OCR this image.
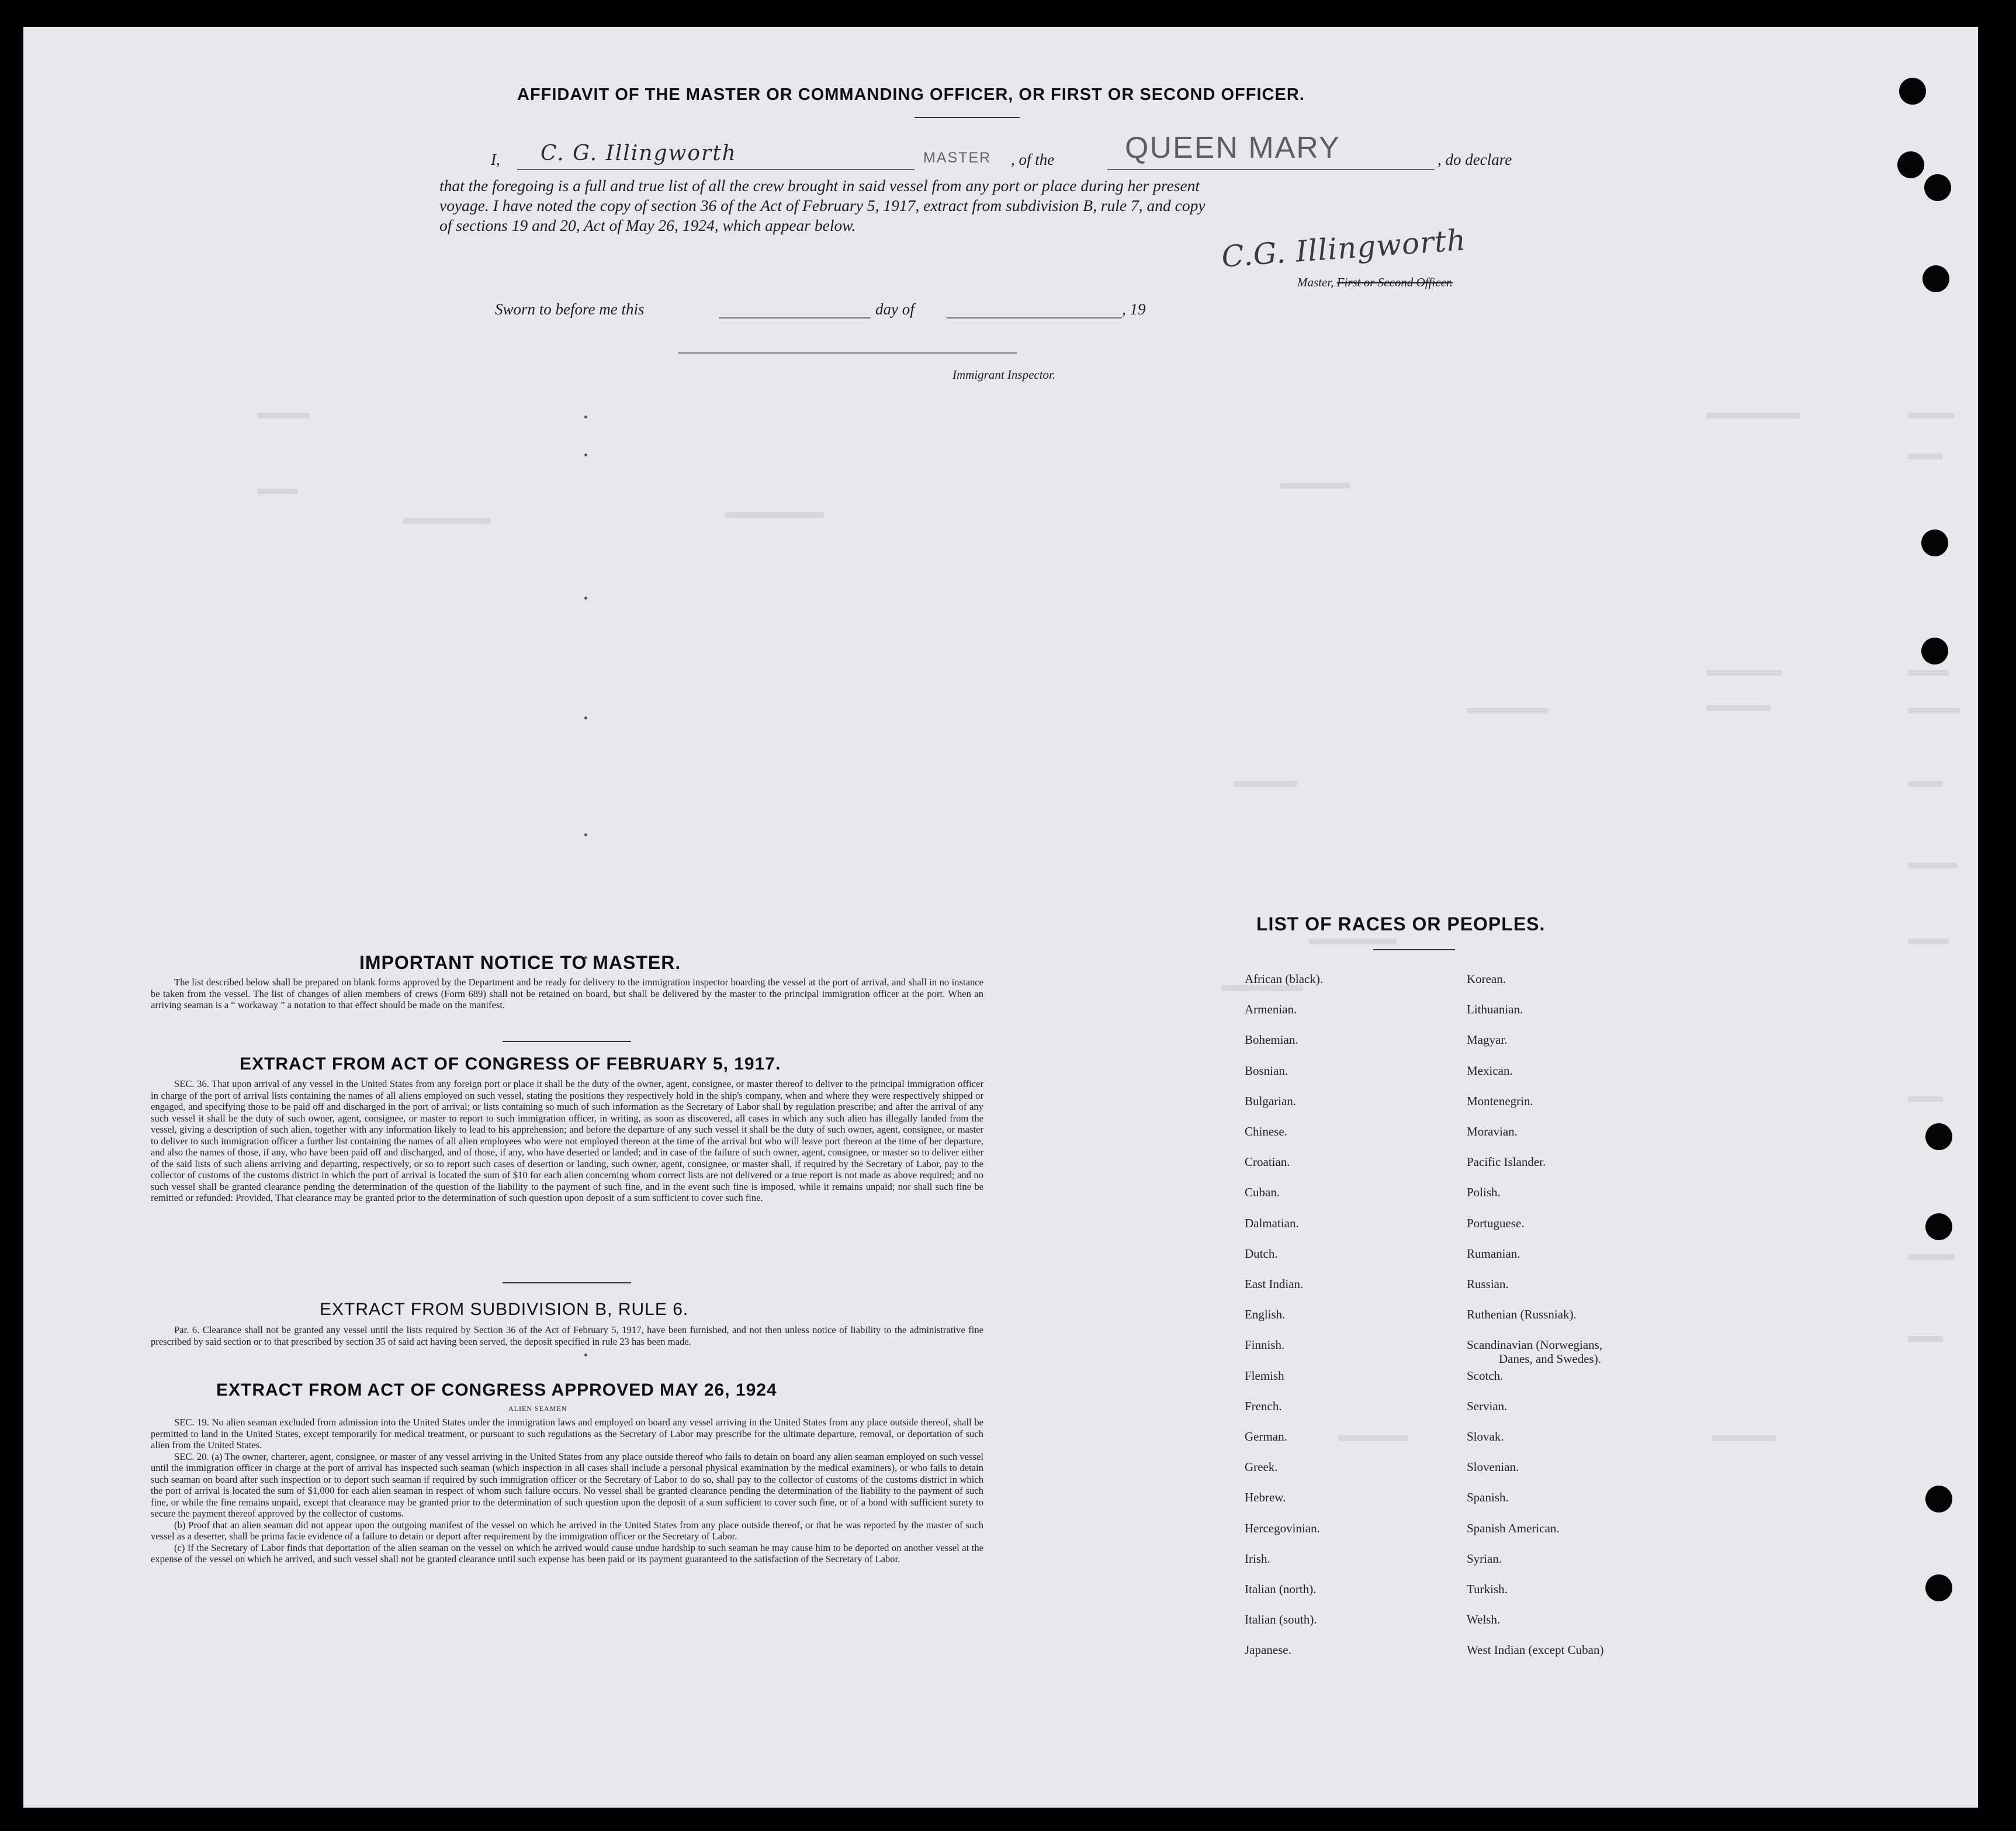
AFFIDAVIT OF THE MASTER OR COMMANDING OFFICER, OR FIRST OR SECOND OFFICER.
I, C. G. Illingworth	MASTER , of the QUEEN MARY	, do declare
that the foregoing is a full and true list of all the crew brought in said vessel from any port or place during her present
voyage. I have noted the copy of section 36 of the Act of February 5, 1917, extract from subdivision B, rule 7, and copy
of sections 19 and 20, Act of May 26, 1924, which appear below.	C.G. Illingworth
Master, First or Second Officer.
Sworn to before me this	day of	, 19
Immigrant Inspector.
IMPORTANT NOTICE TO MASTER.
The list described below shall be prepared on blank forms approved by the Department and be ready for delivery to the immigration inspector boarding the vessel at the port of arrival, and shall in no instance be taken from the vessel. The list of changes of alien members of crews (Form 689) shall not be retained on board, but shall be delivered by the master to the principal immigration officer at the port. When an arriving seaman is a “ workaway ” a notation to that effect should be made on the manifest.
EXTRACT FROM ACT OF CONGRESS OF FEBRUARY 5, 1917.
SEC. 36. That upon arrival of any vessel in the United States from any foreign port or place it shall be the duty of the owner, agent, consignee, or master thereof to deliver to the principal immigration officer in charge of the port of arrival lists containing the names of all aliens employed on such vessel, stating the positions they respectively hold in the ship's company, when and where they were respectively shipped or engaged, and specifying those to be paid off and discharged in the port of arrival; or lists containing so much of such information as the Secretary of Labor shall by regulation prescribe; and after the arrival of any such vessel it shall be the duty of such owner, agent, consignee, or master to report to such immigration officer, in writing, as soon as discovered, all cases in which any such alien has illegally landed from the vessel, giving a description of such alien, together with any information likely to lead to his apprehension; and before the departure of any such vessel it shall be the duty of such owner, agent, consignee, or master to deliver to such immigration officer a further list containing the names of all alien employees who were not employed thereon at the time of the arrival but who will leave port thereon at the time of her departure, and also the names of those, if any, who have been paid off and discharged, and of those, if any, who have deserted or landed; and in case of the failure of such owner, agent, consignee, or master so to deliver either of the said lists of such aliens arriving and departing, respectively, or so to report such cases of desertion or landing, such owner, agent, consignee, or master shall, if required by the Secretary of Labor, pay to the collector of customs of the customs district in which the port of arrival is located the sum of $10 for each alien concerning whom correct lists are not delivered or a true report is not made as above required; and no such vessel shall be granted clearance pending the determination of the question of the liability to the payment of such fine, and in the event such fine is imposed, while it remains unpaid; nor shall such fine be remitted or refunded: Provided, That clearance may be granted prior to the determination of such question upon deposit of a sum sufficient to cover such fine.
EXTRACT FROM SUBDIVISION B, RULE 6.
Par. 6. Clearance shall not be granted any vessel until the lists required by Section 36 of the Act of February 5, 1917, have been furnished, and not then unless notice of liability to the administrative fine prescribed by said section or to that prescribed by section 35 of said act having been served, the deposit specified in rule 23 has been made.
EXTRACT FROM ACT OF CONGRESS APPROVED MAY 26, 1924
ALIEN SEAMEN
SEC. 19. No alien seaman excluded from admission into the United States under the immigration laws and employed on board any vessel arriving in the United States from any place outside thereof, shall be permitted to land in the United States, except temporarily for medical treatment, or pursuant to such regulations as the Secretary of Labor may prescribe for the ultimate departure, removal, or deportation of such alien from the United States.
SEC. 20. (a) The owner, charterer, agent, consignee, or master of any vessel arriving in the United States from any place outside thereof who fails to detain on board any alien seaman employed on such vessel until the immigration officer in charge at the port of arrival has inspected such seaman (which inspection in all cases shall include a personal physical examination by the medical examiners), or who fails to detain such seaman on board after such inspection or to deport such seaman if required by such immigration officer or the Secretary of Labor to do so, shall pay to the collector of customs of the customs district in which the port of arrival is located the sum of $1,000 for each alien seaman in respect of whom such failure occurs. No vessel shall be granted clearance pending the determination of the liability to the payment of such fine, or while the fine remains unpaid, except that clearance may be granted prior to the determination of such question upon the deposit of a sum sufficient to cover such fine, or of a bond with sufficient surety to secure the payment thereof approved by the collector of customs.
(b) Proof that an alien seaman did not appear upon the outgoing manifest of the vessel on which he arrived in the United States from any place outside thereof, or that he was reported by the master of such vessel as a deserter, shall be prima facie evidence of a failure to detain or deport after requirement by the immigration officer or the Secretary of Labor.
(c) If the Secretary of Labor finds that deportation of the alien seaman on the vessel on which he arrived would cause undue hardship to such seaman he may cause him to be deported on another vessel at the expense of the vessel on which he arrived, and such vessel shall not be granted clearance until such expense has been paid or its payment guaranteed to the satisfaction of the Secretary of Labor.
LIST OF RACES OR PEOPLES.
African (black).
Armenian.
Bohemian.
Bosnian.
Bulgarian.
Chinese.
Croatian.
Cuban.
Dalmatian.
Dutch.
East Indian.
English.
Finnish.
Flemish
French.
German.
Greek.
Hebrew.
Hercegovinian.
Irish.
Italian (north).
Italian (south).
Japanese.
Korean.
Lithuanian.
Magyar.
Mexican.
Montenegrin.
Moravian.
Pacific Islander.
Polish.
Portuguese.
Rumanian.
Russian.
Ruthenian (Russniak).
Scandinavian (Norwegians,
Scotch.
Servian.
Slovak.
Slovenian.
Spanish.
Spanish American.
Syrian.
Turkish.
Welsh.
West Indian (except Cuban)
Danes, and Swedes).
